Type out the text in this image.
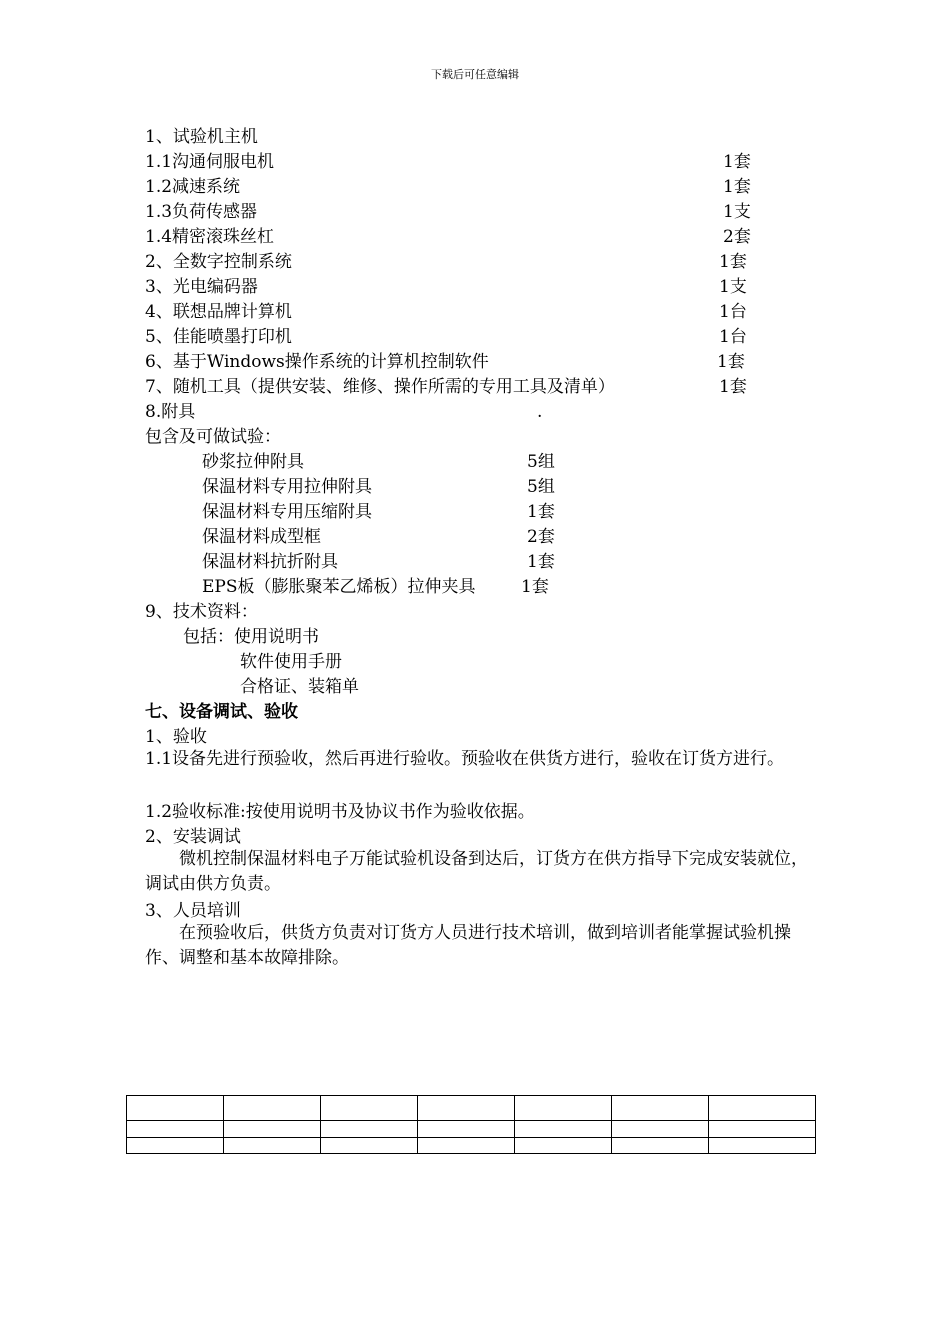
下载后可任意编辑
1、试验机主机
1.1沟通伺服电机	1套
1.2减速系统	1套
1.3负荷传感器	1支
1.4精密滚珠丝杠	2套
2、全数字控制系统	1套
3、光电编码器	1支
4、联想品牌计算机	1台
5、佳能喷墨打印机	1台
6、基于Windows操作系统的计算机控制软件	1套
7、随机工具（提供安装、维修、操作所需的专用工具及清单）	1套
8.附具	.
包含及可做试验：
砂浆拉伸附具	5组
保温材料专用拉伸附具	5组
保温材料专用压缩附具	1套
保温材料成型框	2套
保温材料抗折附具	1套
EPS板（膨胀聚苯乙烯板）拉伸夹具	1套
9、技术资料：
包括：使用说明书
软件使用手册
合格证、装箱单
七、设备调试、验收
1、验收
1.1设备先进行预验收，然后再进行验收。预验收在供货方进行，验收在订货方进行。
1.2验收标准:按使用说明书及协议书作为验收依据。
2、安装调试
微机控制保温材料电子万能试验机设备到达后，订货方在供方指导下完成安装就位，调试由供方负责。
3、人员培训
在预验收后，供货方负责对订货方人员进行技术培训，做到培训者能掌握试验机操作、调整和基本故障排除。
